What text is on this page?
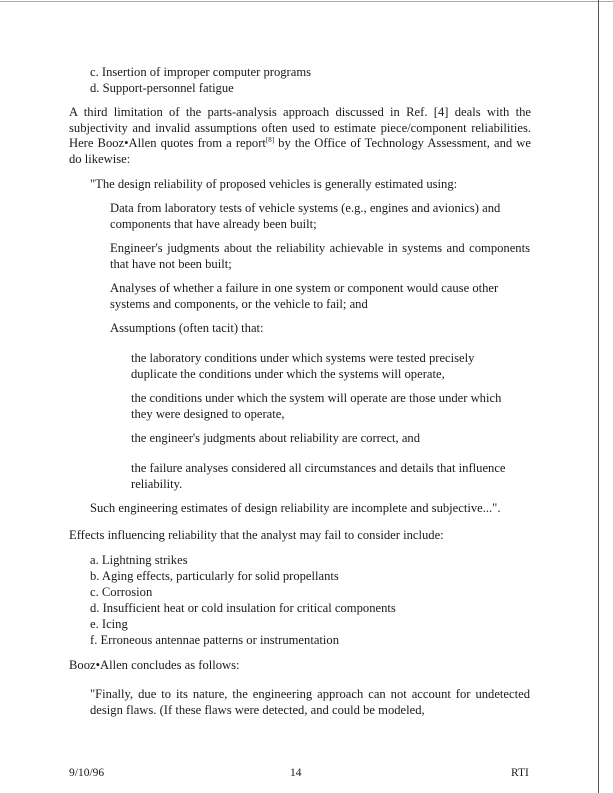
c. Insertion of improper computer programs
d. Support-personnel fatigue
A third limitation of the parts-analysis approach discussed in Ref. [4] deals with the subjectivity and invalid assumptions often used to estimate piece/component reliabilities. Here Booz•Allen quotes from a report[8] by the Office of Technology Assessment, and we do likewise:
"The design reliability of proposed vehicles is generally estimated using:
Data from laboratory tests of vehicle systems (e.g., engines and avionics) and components that have already been built;
Engineer's judgments about the reliability achievable in systems and components that have not been built;
Analyses of whether a failure in one system or component would cause other systems and components, or the vehicle to fail; and
Assumptions (often tacit) that:
the laboratory conditions under which systems were tested precisely duplicate the conditions under which the systems will operate,
the conditions under which the system will operate are those under which they were designed to operate,
the engineer's judgments about reliability are correct, and
the failure analyses considered all circumstances and details that influence reliability.
Such engineering estimates of design reliability are incomplete and subjective...".
Effects influencing reliability that the analyst may fail to consider include:
a. Lightning strikes
b. Aging effects, particularly for solid propellants
c. Corrosion
d. Insufficient heat or cold insulation for critical components
e. Icing
f. Erroneous antennae patterns or instrumentation
Booz•Allen concludes as follows:
"Finally, due to its nature, the engineering approach can not account for undetected design flaws. (If these flaws were detected, and could be modeled,
9/10/96	14	RTI
